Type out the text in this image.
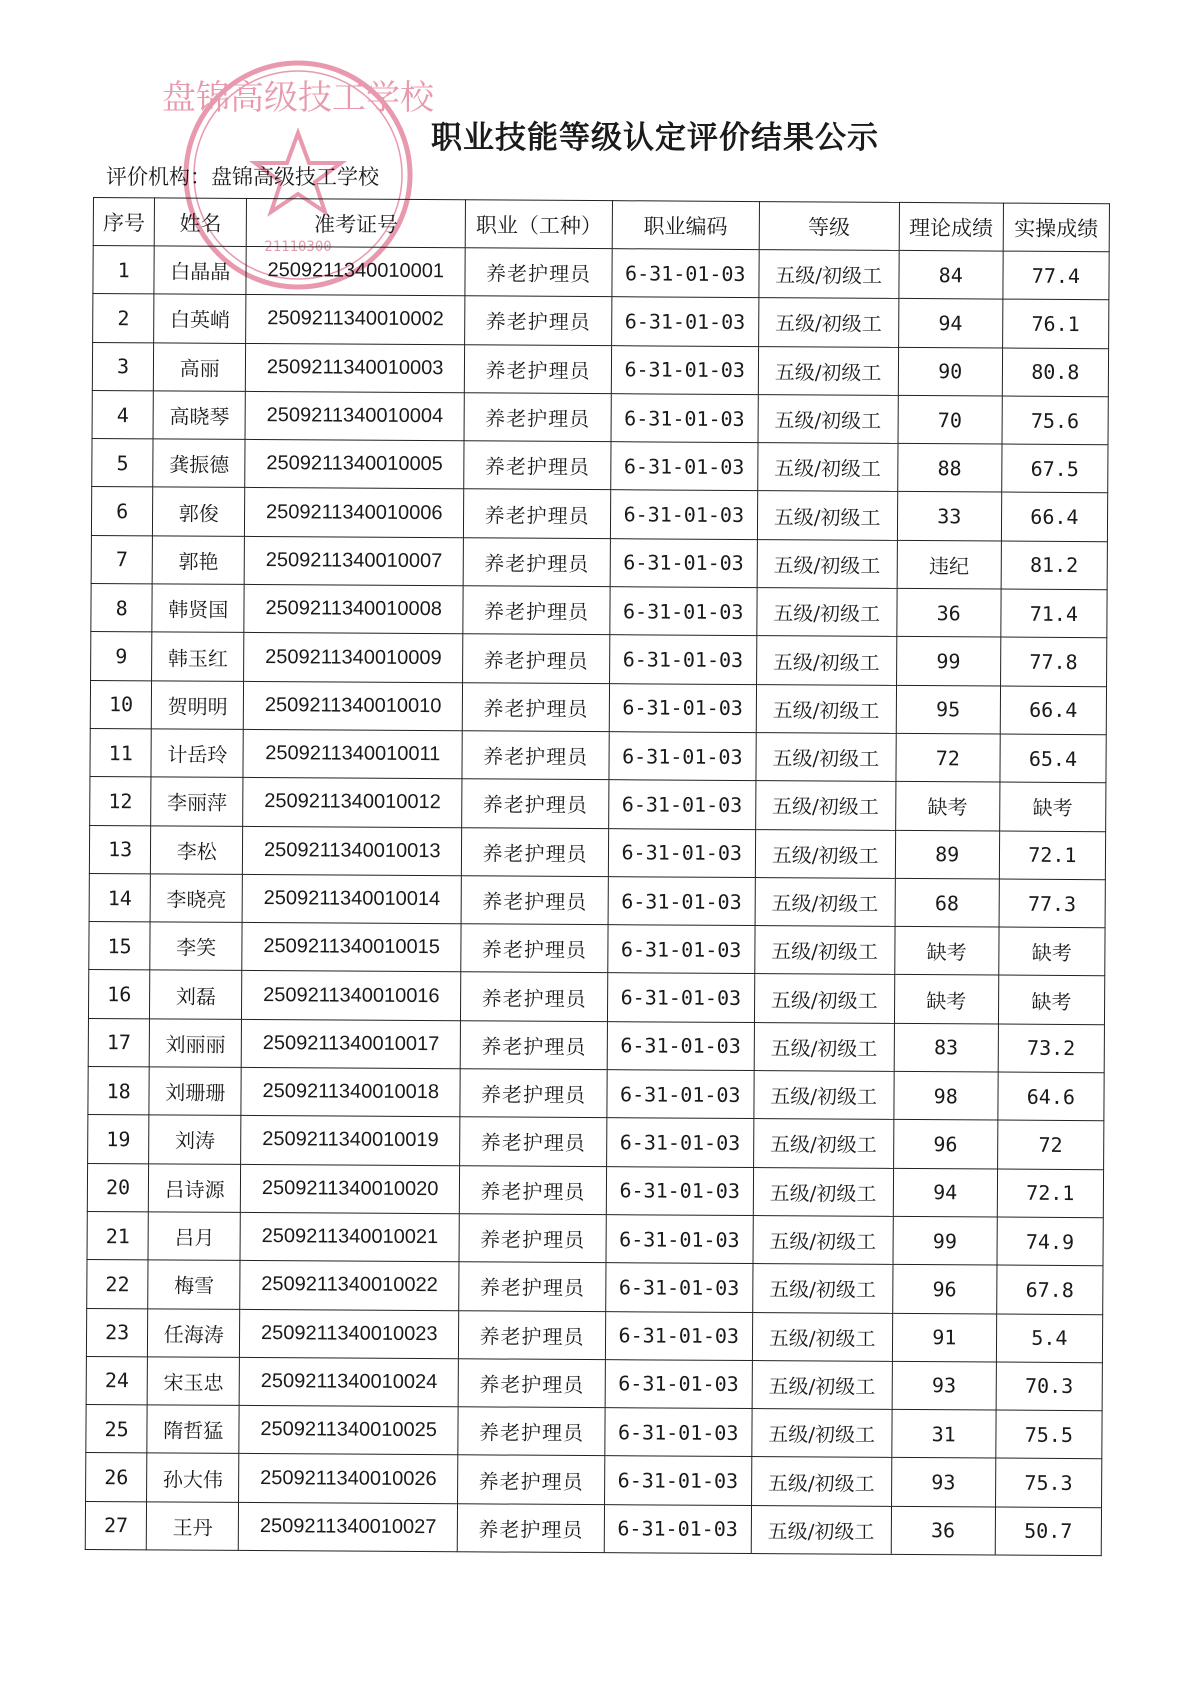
盘锦高级技工学校
21110300
职业技能等级认定评价结果公示
评价机构：盘锦高级技工学校
序号	姓名	准考证号	职业（工种）	职业编码	等级	理论成绩	实操成绩
1	白晶晶	2509211340010001	养老护理员	6-31-01-03	五级/初级工	84	77.4
2	白英峭	2509211340010002	养老护理员	6-31-01-03	五级/初级工	94	76.1
3	高丽	2509211340010003	养老护理员	6-31-01-03	五级/初级工	90	80.8
4	高晓琴	2509211340010004	养老护理员	6-31-01-03	五级/初级工	70	75.6
5	龚振德	2509211340010005	养老护理员	6-31-01-03	五级/初级工	88	67.5
6	郭俊	2509211340010006	养老护理员	6-31-01-03	五级/初级工	33	66.4
7	郭艳	2509211340010007	养老护理员	6-31-01-03	五级/初级工	违纪	81.2
8	韩贤国	2509211340010008	养老护理员	6-31-01-03	五级/初级工	36	71.4
9	韩玉红	2509211340010009	养老护理员	6-31-01-03	五级/初级工	99	77.8
10	贺明明	2509211340010010	养老护理员	6-31-01-03	五级/初级工	95	66.4
11	计岳玲	2509211340010011	养老护理员	6-31-01-03	五级/初级工	72	65.4
12	李丽萍	2509211340010012	养老护理员	6-31-01-03	五级/初级工	缺考	缺考
13	李松	2509211340010013	养老护理员	6-31-01-03	五级/初级工	89	72.1
14	李晓亮	2509211340010014	养老护理员	6-31-01-03	五级/初级工	68	77.3
15	李笑	2509211340010015	养老护理员	6-31-01-03	五级/初级工	缺考	缺考
16	刘磊	2509211340010016	养老护理员	6-31-01-03	五级/初级工	缺考	缺考
17	刘丽丽	2509211340010017	养老护理员	6-31-01-03	五级/初级工	83	73.2
18	刘珊珊	2509211340010018	养老护理员	6-31-01-03	五级/初级工	98	64.6
19	刘涛	2509211340010019	养老护理员	6-31-01-03	五级/初级工	96	72
20	吕诗源	2509211340010020	养老护理员	6-31-01-03	五级/初级工	94	72.1
21	吕月	2509211340010021	养老护理员	6-31-01-03	五级/初级工	99	74.9
22	梅雪	2509211340010022	养老护理员	6-31-01-03	五级/初级工	96	67.8
23	任海涛	2509211340010023	养老护理员	6-31-01-03	五级/初级工	91	5.4
24	宋玉忠	2509211340010024	养老护理员	6-31-01-03	五级/初级工	93	70.3
25	隋哲猛	2509211340010025	养老护理员	6-31-01-03	五级/初级工	31	75.5
26	孙大伟	2509211340010026	养老护理员	6-31-01-03	五级/初级工	93	75.3
27	王丹	2509211340010027	养老护理员	6-31-01-03	五级/初级工	36	50.7
